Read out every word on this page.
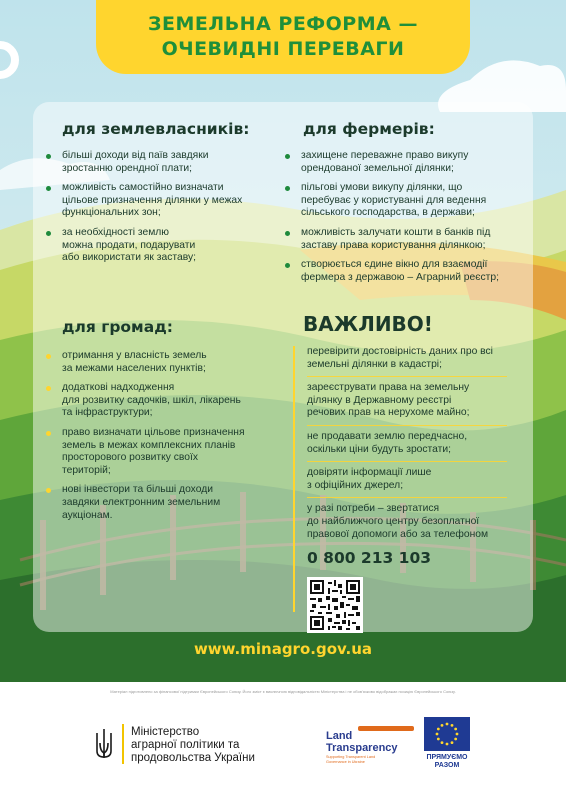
ЗЕМЕЛЬНА РЕФОРМА —
ОЧЕВИДНІ ПЕРЕВАГИ
для землевласників:
більші доходи від паїв завдяки
зростанню орендної плати;
можливість самостійно визначати
цільове призначення ділянки у межах
функціональних зон;
за необхідності землю
можна продати, подарувати
або використати як заставу;
для фермерів:
захищене переважне право викупу
орендованої земельної ділянки;
пільгові умови викупу ділянки, що
перебуває у користуванні для ведення
сільського господарства, в держави;
можливість залучати кошти в банків під
заставу права користування ділянкою;
створюється єдине вікно для взаємодії
фермера з державою – Аграрний реєстр;
для громад:
отримання у власність земель
за межами населених пунктів;
додаткові надходження
для розвитку садочків, шкіл, лікарень
та інфраструктури;
право визначати цільове призначення
земель в межах комплексних планів
просторового розвитку своїх
територій;
нові інвестори та більші доходи
завдяки електронним земельним
аукціонам.
ВАЖЛИВО!
перевірити достовірність даних про всі
земельні ділянки в кадастрі;
зареєструвати права на земельну
ділянку в Державному реєстрі
речових прав на нерухоме майно;
не продавати землю передчасно,
оскільки ціни будуть зростати;
довіряти інформації лише
з офіційних джерел;
у разі потреби – звертатися
до найближчого центру безоплатної
правової допомоги або за телефоном
0 800 213 103
www.minagro.gov.ua
Матеріал підготовлено за фінансової підтримки Європейського Союзу. Його зміст є виключною відповідальністю Міністерства і не обов'язково відображає позицію Європейського Союзу.
Міністерство
аграрної політики та
продовольства України
Land
Transparency
Supporting Transparent Land
Governance in Ukraine
ПРЯМУЄМО
РАЗОМ
